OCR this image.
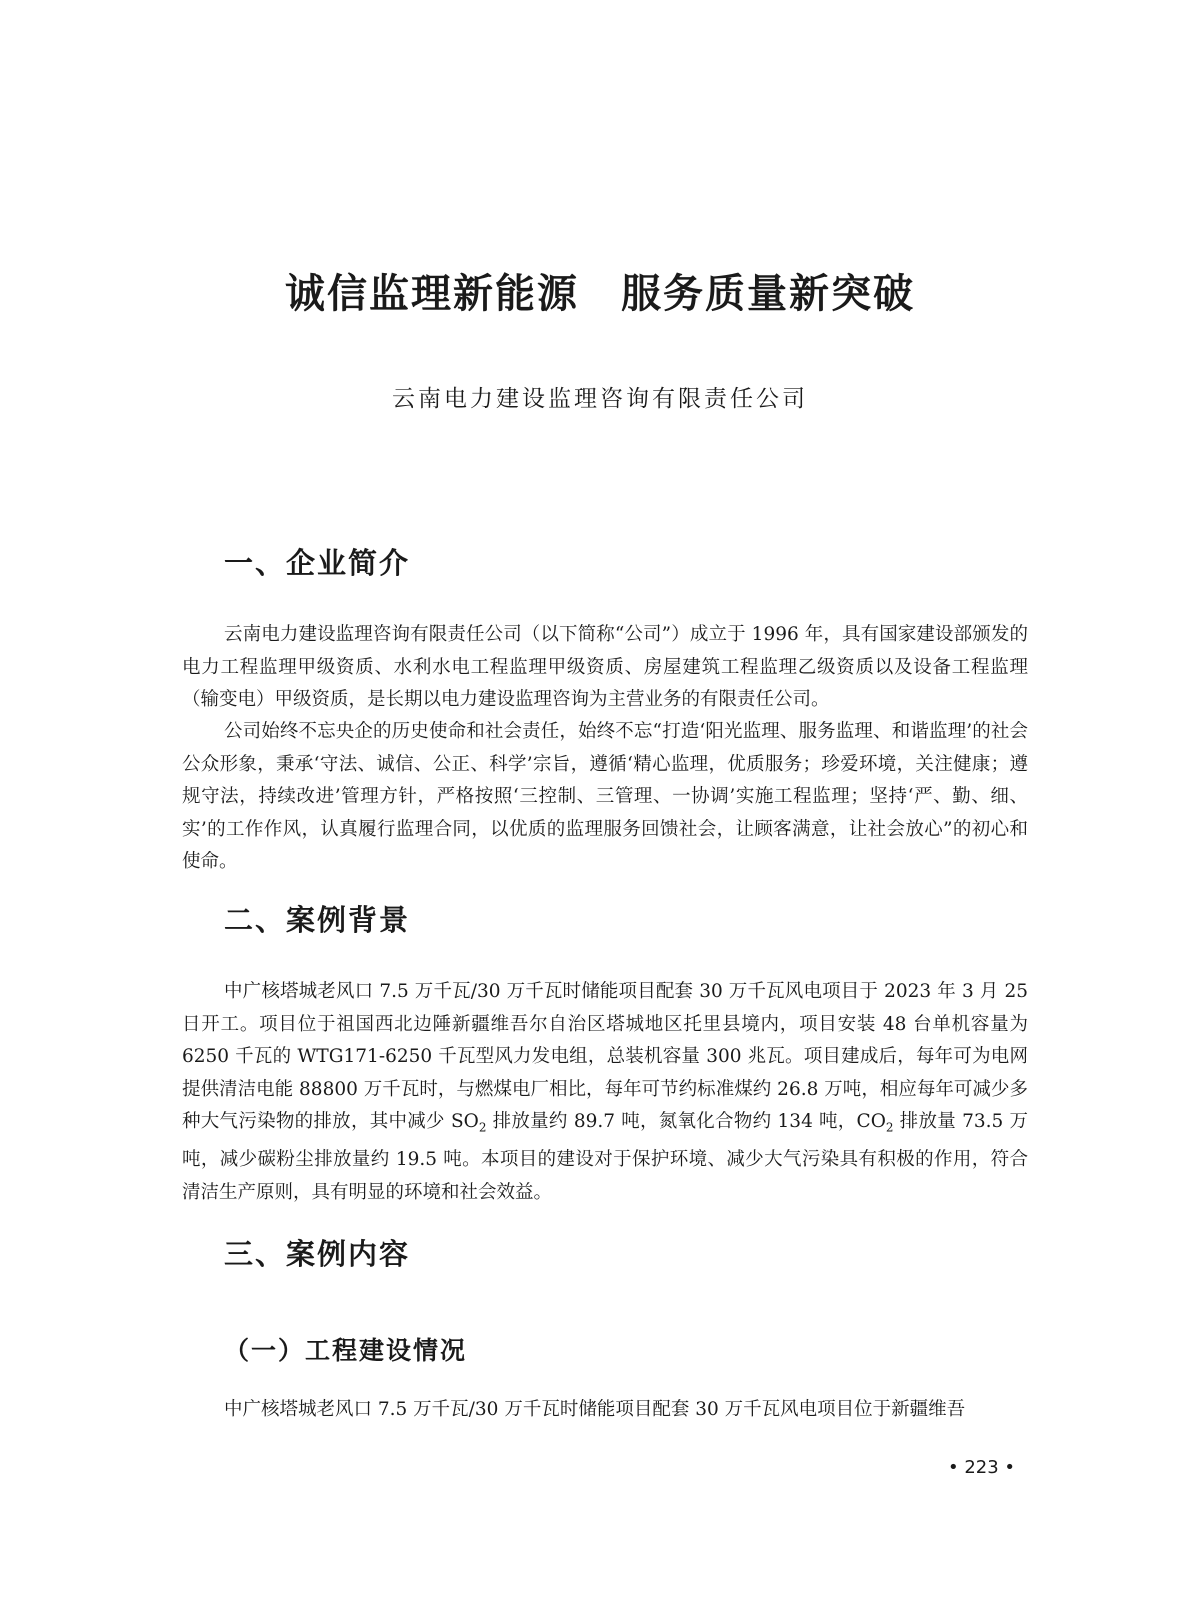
诚信监理新能源　服务质量新突破

云南电力建设监理咨询有限责任公司

一、企业简介

云南电力建设监理咨询有限责任公司（以下简称“公司”）成立于 1996 年，具有国家建设部颁发的电力工程监理甲级资质、水利水电工程监理甲级资质、房屋建筑工程监理乙级资质以及设备工程监理（输变电）甲级资质，是长期以电力建设监理咨询为主营业务的有限责任公司。

公司始终不忘央企的历史使命和社会责任，始终不忘“打造‘阳光监理、服务监理、和谐监理’的社会公众形象，秉承‘守法、诚信、公正、科学’宗旨，遵循‘精心监理，优质服务；珍爱环境，关注健康；遵规守法，持续改进’管理方针，严格按照‘三控制、三管理、一协调’实施工程监理；坚持‘严、勤、细、实’的工作作风，认真履行监理合同，以优质的监理服务回馈社会，让顾客满意，让社会放心”的初心和使命。

二、案例背景

中广核塔城老风口 7.5 万千瓦/30 万千瓦时储能项目配套 30 万千瓦风电项目于 2023 年 3 月 25 日开工。项目位于祖国西北边陲新疆维吾尔自治区塔城地区托里县境内，项目安装 48 台单机容量为 6250 千瓦的 WTG171-6250 千瓦型风力发电组，总装机容量 300 兆瓦。项目建成后，每年可为电网提供清洁电能 88800 万千瓦时，与燃煤电厂相比，每年可节约标准煤约 26.8 万吨，相应每年可减少多种大气污染物的排放，其中减少 $SO_2$ 排放量约 89.7 吨，氮氧化合物约 134 吨，$CO_2$ 排放量 73.5 万吨，减少碳粉尘排放量约 19.5 吨。本项目的建设对于保护环境、减少大气污染具有积极的作用，符合清洁生产原则，具有明显的环境和社会效益。

三、案例内容
（一）工程建设情况

中广核塔城老风口 7.5 万千瓦/30 万千瓦时储能项目配套 30 万千瓦风电项目位于新疆维吾

• 223 •
